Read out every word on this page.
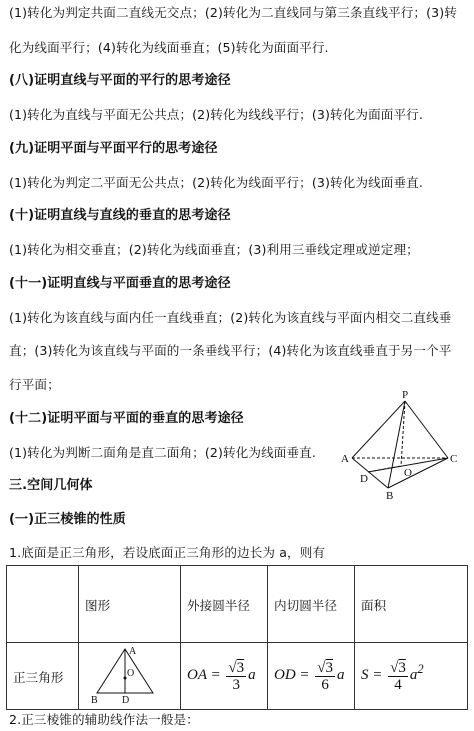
(1)转化为判定共面二直线无交点；(2)转化为二直线同与第三条直线平行；(3)转
化为线面平行；(4)转化为线面垂直；(5)转化为面面平行.
(八)证明直线与平面的平行的思考途径
(1)转化为直线与平面无公共点；(2)转化为线线平行；(3)转化为面面平行.
(九)证明平面与平面平行的思考途径
(1)转化为判定二平面无公共点；(2)转化为线面平行；(3)转化为线面垂直.
(十)证明直线与直线的垂直的思考途径
(1)转化为相交垂直；(2)转化为线面垂直；(3)利用三垂线定理或逆定理；
(十一)证明直线与平面垂直的思考途径
(1)转化为该直线与面内任一直线垂直；(2)转化为该直线与平面内相交二直线垂
直；(3)转化为该直线与平面的一条垂线平行；(4)转化为该直线垂直于另一个平
行平面；
(十二)证明平面与平面的垂直的思考途径
(1)转化为判断二面角是直二面角；(2)转化为线面垂直.
三.空间几何体
(一)正三棱锥的性质
1.底面是正三角形，若设底面正三角形的边长为 a，则有
2.正三棱锥的辅助线作法一般是：
P
A	C
D	O
B
	图形	外接圆半径	内切圆半径	面积
正三角形	A
O
B D	OA = $\frac{√3}{3}$ a	OD = $\frac{√3}{6}$ a	$S = \frac{√3}{4} a^2$
